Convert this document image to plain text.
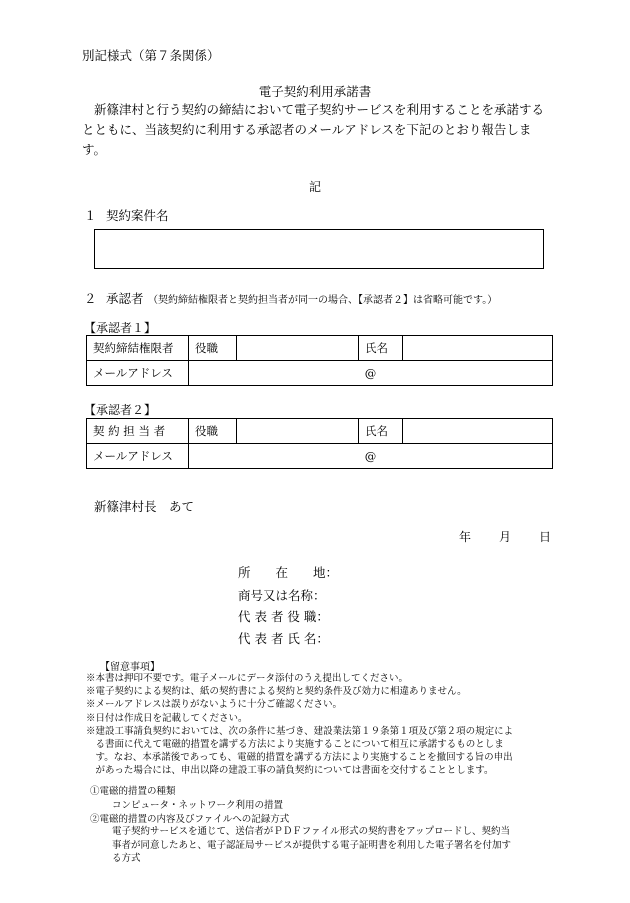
別記様式（第７条関係）
電子契約利用承諾書
新篠津村と行う契約の締結において電子契約サービスを利用することを承諾するとともに、当該契約に利用する承認者のメールアドレスを下記のとおり報告します。
記
１ 契約案件名
２ 承認者 （契約締結権限者と契約担当者が同一の場合、【承認者２】は省略可能です。）
【承認者１】
契約締結権限者	役職		氏名	
メールアドレス	@			
【承認者２】
契 約 担 当 者	役職		氏名	
メールアドレス	@			
新篠津村長　あて
年 月 日
所　　在　　地：
商号又は名称：
代 表 者 役 職：
代 表 者 氏 名：
【留意事項】
※本書は押印不要です。電子メールにデータ添付のうえ提出してください。
※電子契約による契約は、紙の契約書による契約と契約条件及び効力に相違ありません。
※メールアドレスは誤りがないように十分ご確認ください。
※日付は作成日を記載してください。
※建設工事請負契約においては、次の条件に基づき、建設業法第１９条第１項及び第２項の規定によ
　る書面に代えて電磁的措置を講ずる方法により実施することについて相互に承諾するものとしま
　す。なお、本承諾後であっても、電磁的措置を講ずる方法により実施することを撤回する旨の申出
　があった場合には、申出以降の建設工事の請負契約については書面を交付することとします。
①電磁的措置の種類
コンピュータ・ネットワーク利用の措置
②電磁的措置の内容及びファイルへの記録方式
電子契約サービスを通じて、送信者がＰＤＦファイル形式の契約書をアップロードし、契約当
事者が同意したあと、電子認証局サービスが提供する電子証明書を利用した電子署名を付加す
る方式
